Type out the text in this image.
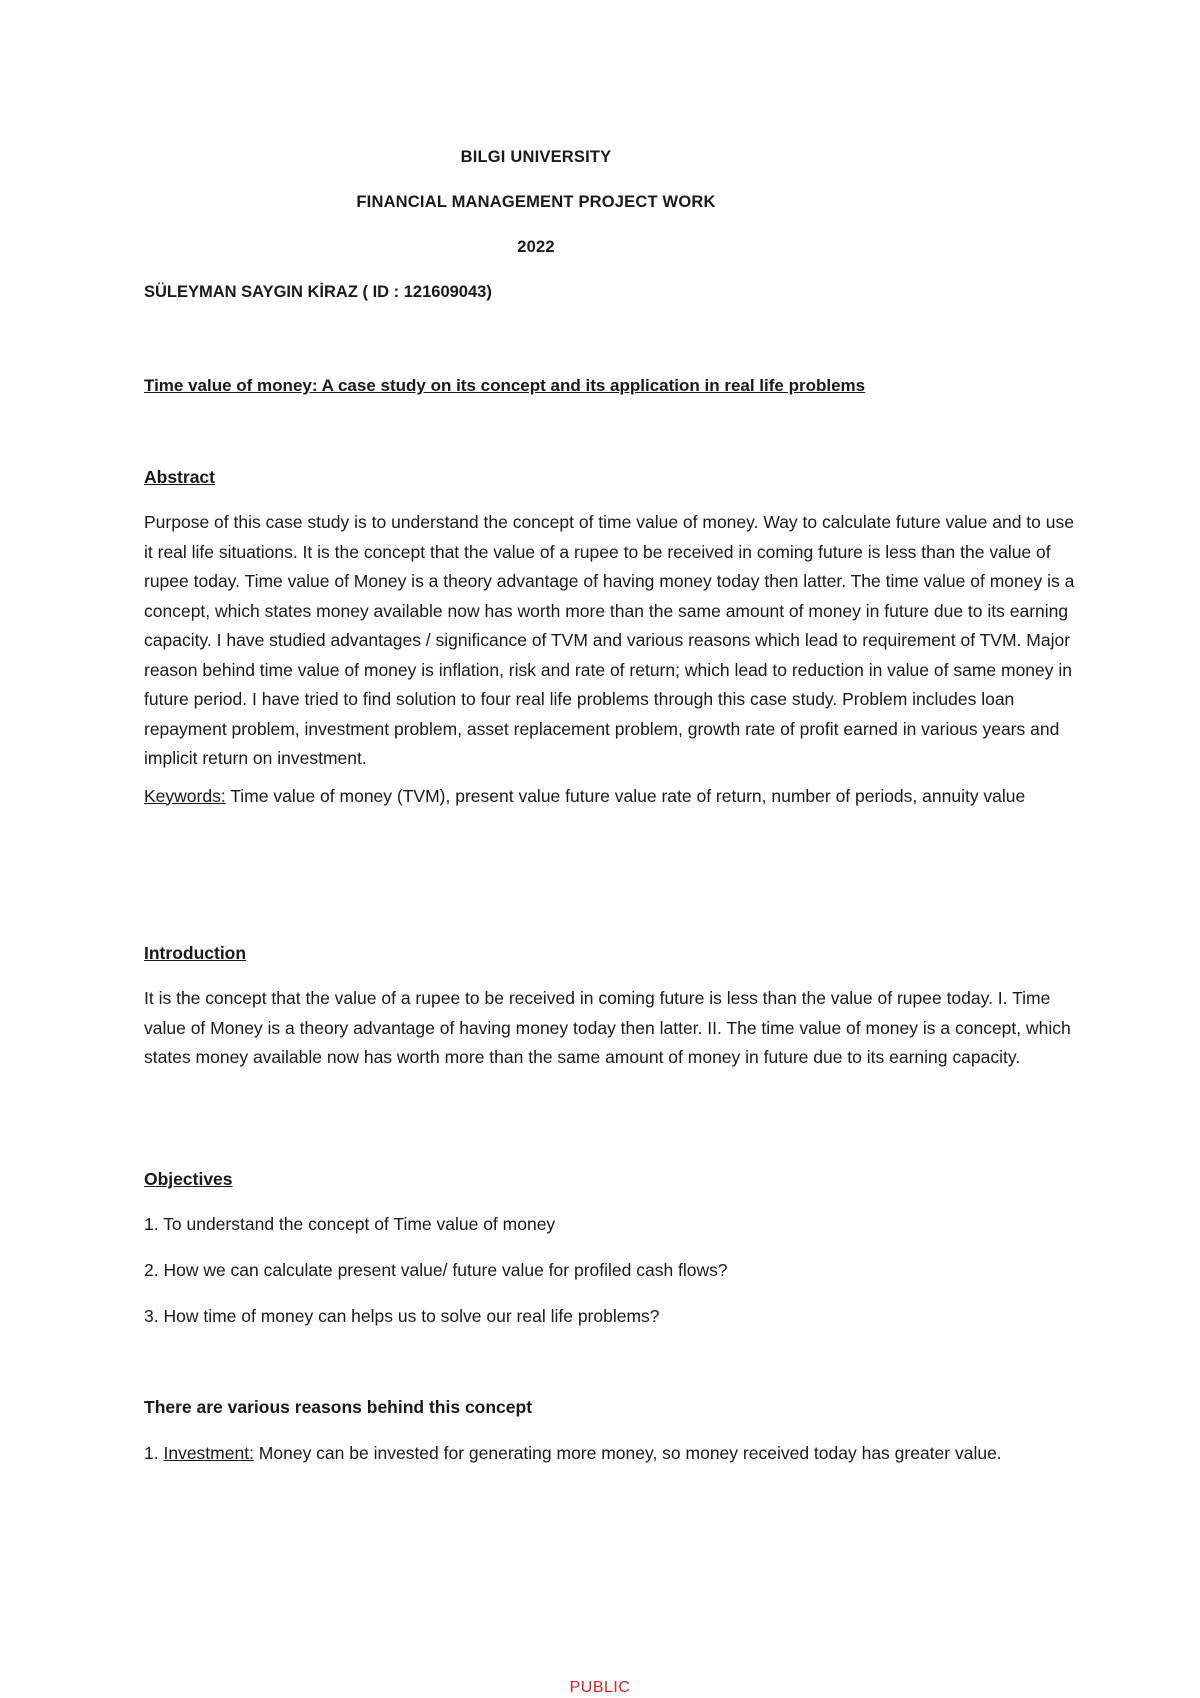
BILGI UNIVERSITY
FINANCIAL MANAGEMENT PROJECT WORK
2022
SÜLEYMAN SAYGIN KİRAZ ( ID : 121609043)
Time value of money: A case study on its concept and its application in real life problems
Abstract

Purpose of this case study is to understand the concept of time value of money. Way to calculate future value and to use it real life situations. It is the concept that the value of a rupee to be received in coming future is less than the value of rupee today. Time value of Money is a theory advantage of having money today then latter. The time value of money is a concept, which states money available now has worth more than the same amount of money in future due to its earning capacity. I have studied advantages / significance of TVM and various reasons which lead to requirement of TVM. Major reason behind time value of money is inflation, risk and rate of return; which lead to reduction in value of same money in future period. I have tried to find solution to four real life problems through this case study. Problem includes loan repayment problem, investment problem, asset replacement problem, growth rate of profit earned in various years and implicit return on investment.

Keywords: Time value of money (TVM), present value future value rate of return, number of periods, annuity value

Introduction

It is the concept that the value of a rupee to be received in coming future is less than the value of rupee today. I. Time value of Money is a theory advantage of having money today then latter. II. The time value of money is a concept, which states money available now has worth more than the same amount of money in future due to its earning capacity.

Objectives
1. To understand the concept of Time value of money
2. How we can calculate present value/ future value for profiled cash flows?
3. How time of money can helps us to solve our real life problems?
There are various reasons behind this concept

1. Investment: Money can be invested for generating more money, so money received today has greater value.

PUBLIC
